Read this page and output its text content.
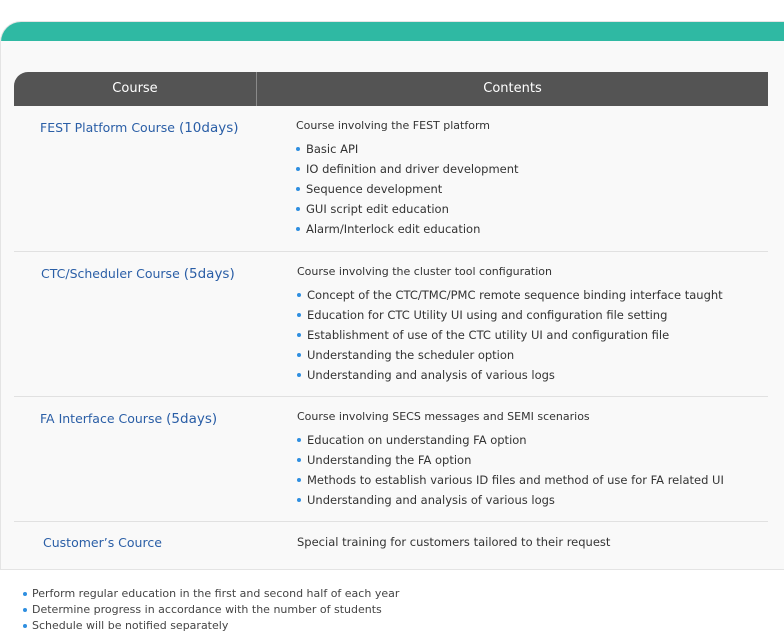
Course	Contents
FEST Platform Course (10days)	Course involving the FEST platform
Basic API
IO definition and driver development
Sequence development
GUI script edit education
Alarm/Interlock edit education
CTC/Scheduler Course (5days)	Course involving the cluster tool configuration
Concept of the CTC/TMC/PMC remote sequence binding interface taught
Education for CTC Utility UI using and configuration file setting
Establishment of use of the CTC utility UI and configuration file
Understanding the scheduler option
Understanding and analysis of various logs
FA Interface Course (5days)	Course involving SECS messages and SEMI scenarios
Education on understanding FA option
Understanding the FA option
Methods to establish various ID files and method of use for FA related UI
Understanding and analysis of various logs
Customer’s Cource	Special training for customers tailored to their request
Perform regular education in the first and second half of each year
Determine progress in accordance with the number of students
Schedule will be notified separately
